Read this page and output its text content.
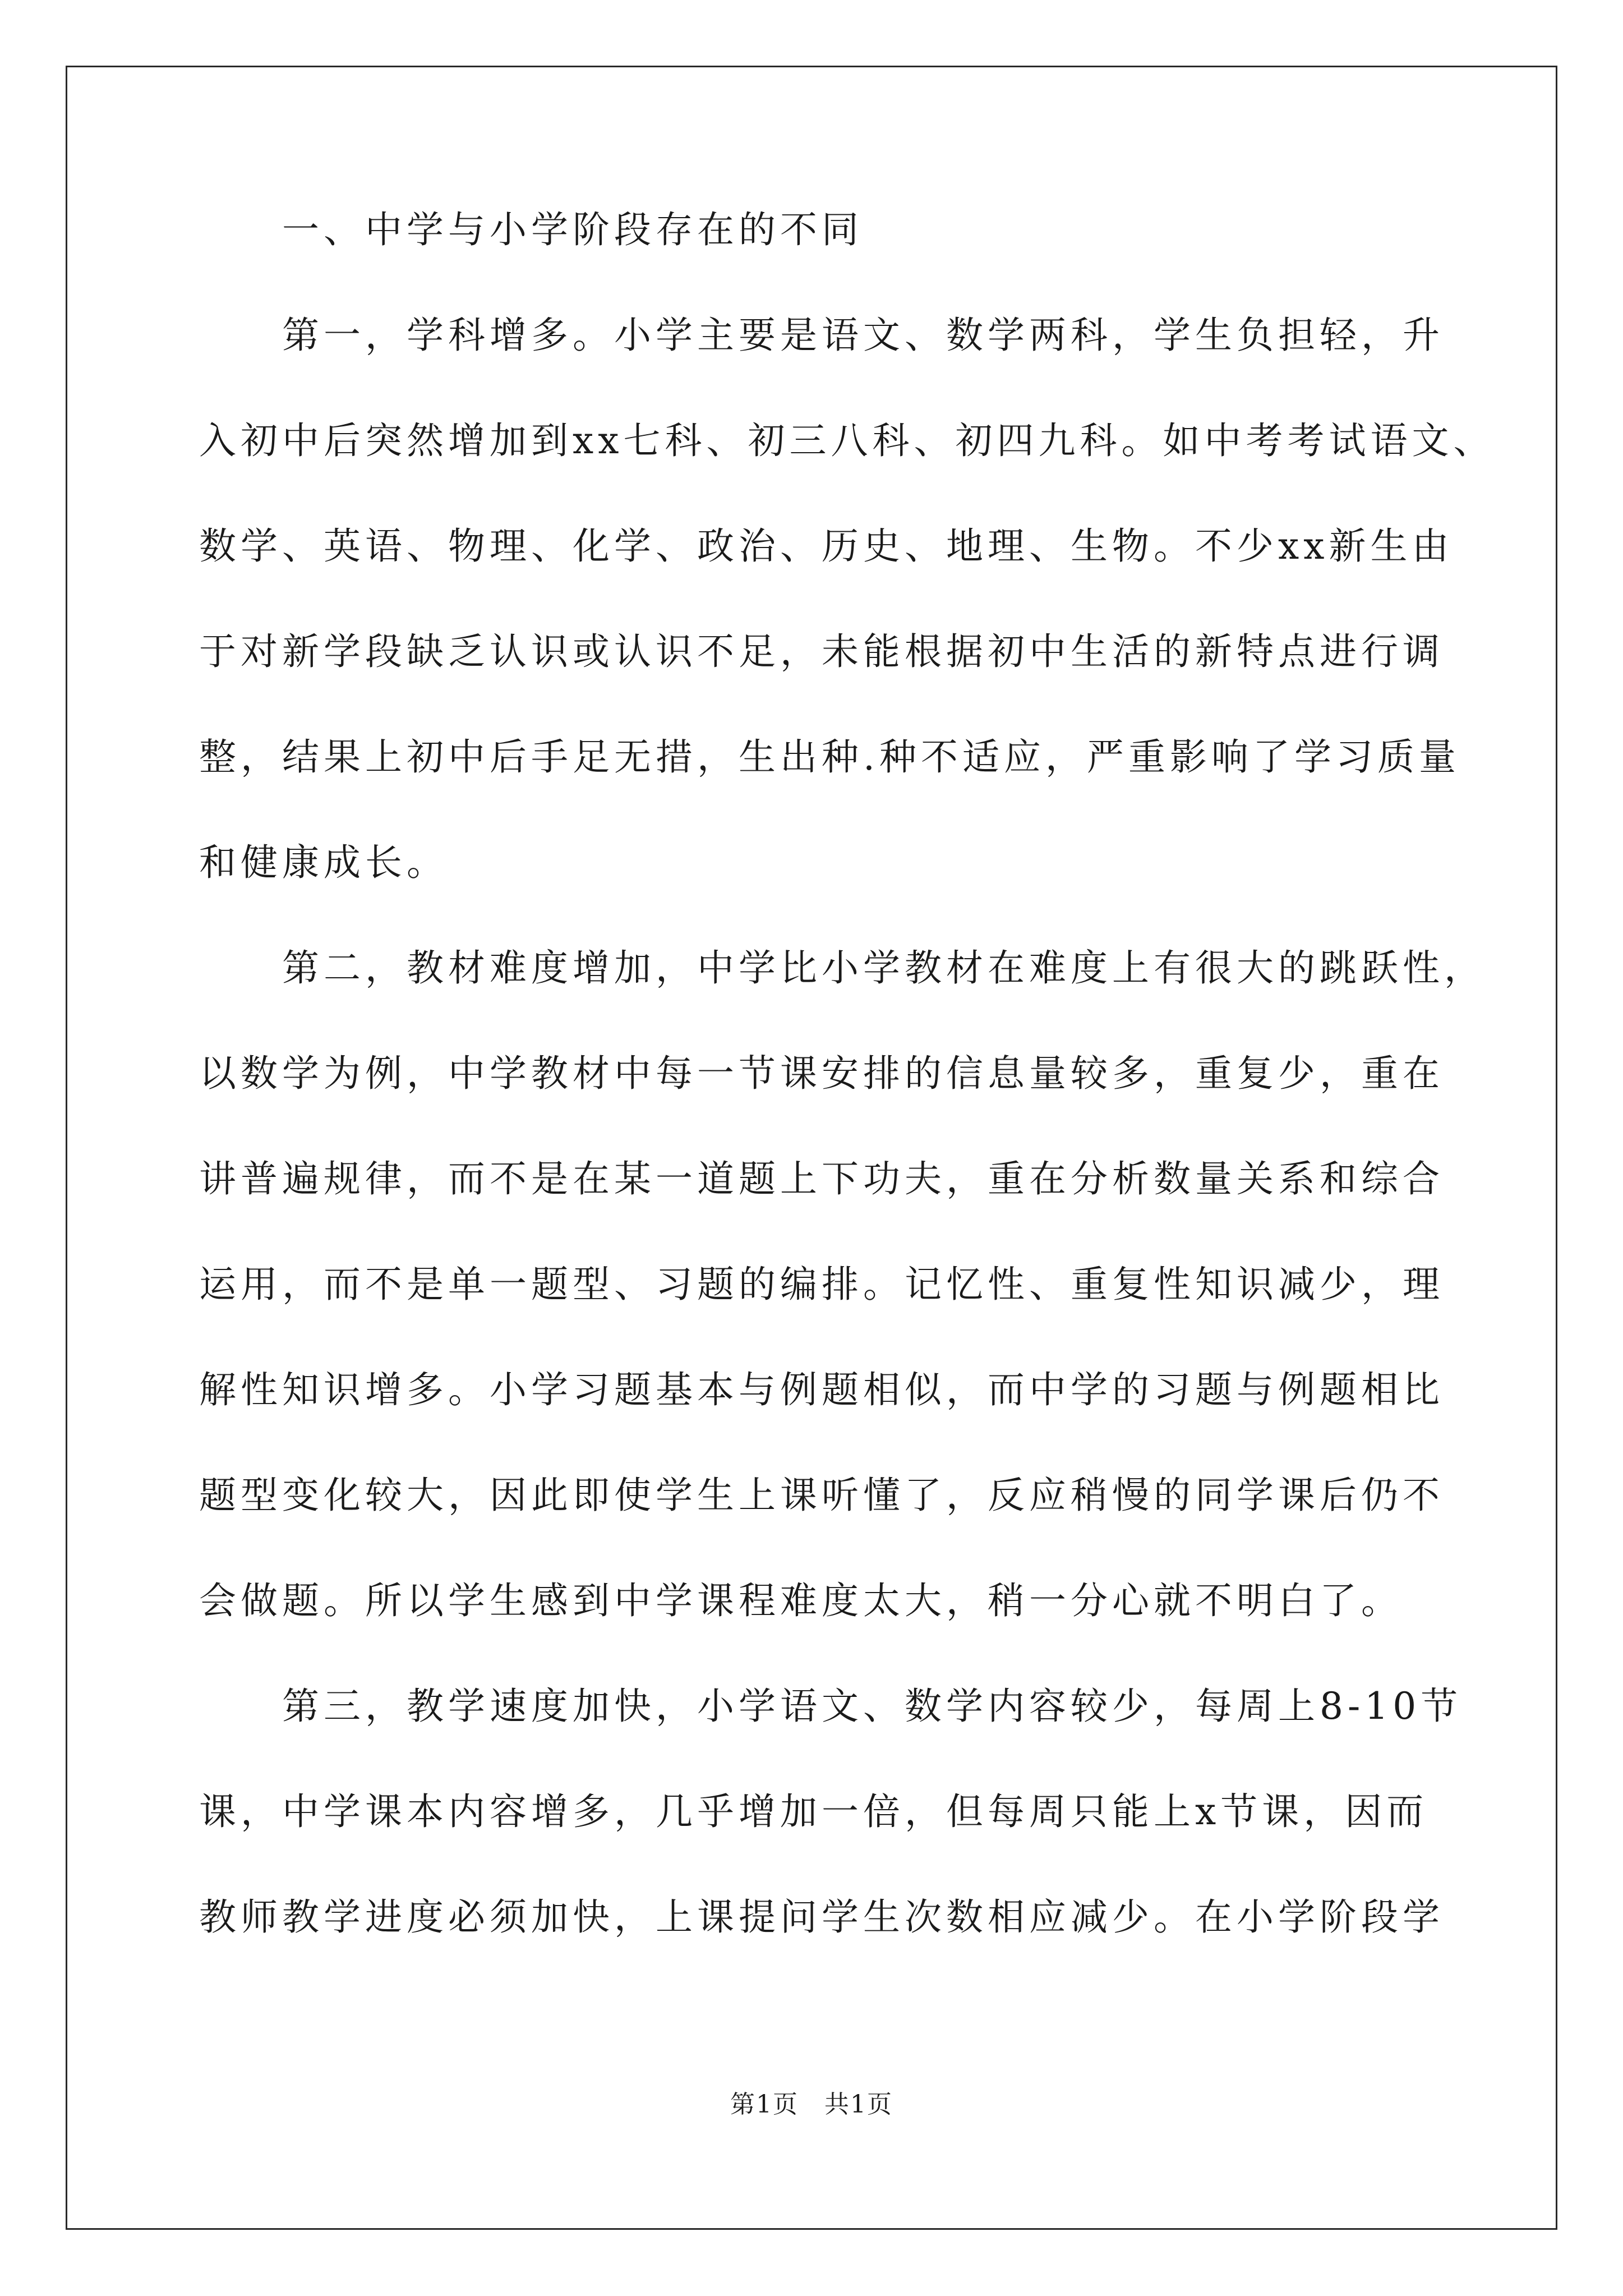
　　一、中学与小学阶段存在的不同
　　第一，学科增多。小学主要是语文、数学两科，学生负担轻，升
入初中后突然增加到xx七科、初三八科、初四九科。如中考考试语文、
数学、英语、物理、化学、政治、历史、地理、生物。不少xx新生由
于对新学段缺乏认识或认识不足，未能根据初中生活的新特点进行调
整，结果上初中后手足无措，生出种.种不适应，严重影响了学习质量
和健康成长。
　　第二，教材难度增加，中学比小学教材在难度上有很大的跳跃性，
以数学为例，中学教材中每一节课安排的信息量较多，重复少，重在
讲普遍规律，而不是在某一道题上下功夫，重在分析数量关系和综合
运用，而不是单一题型、习题的编排。记忆性、重复性知识减少，理
解性知识增多。小学习题基本与例题相似，而中学的习题与例题相比
题型变化较大，因此即使学生上课听懂了，反应稍慢的同学课后仍不
会做题。所以学生感到中学课程难度太大，稍一分心就不明白了。
　　第三，教学速度加快，小学语文、数学内容较少，每周上8-10节
课，中学课本内容增多，几乎增加一倍，但每周只能上x节课，因而
教师教学进度必须加快，上课提问学生次数相应减少。在小学阶段学
第1页　共1页
